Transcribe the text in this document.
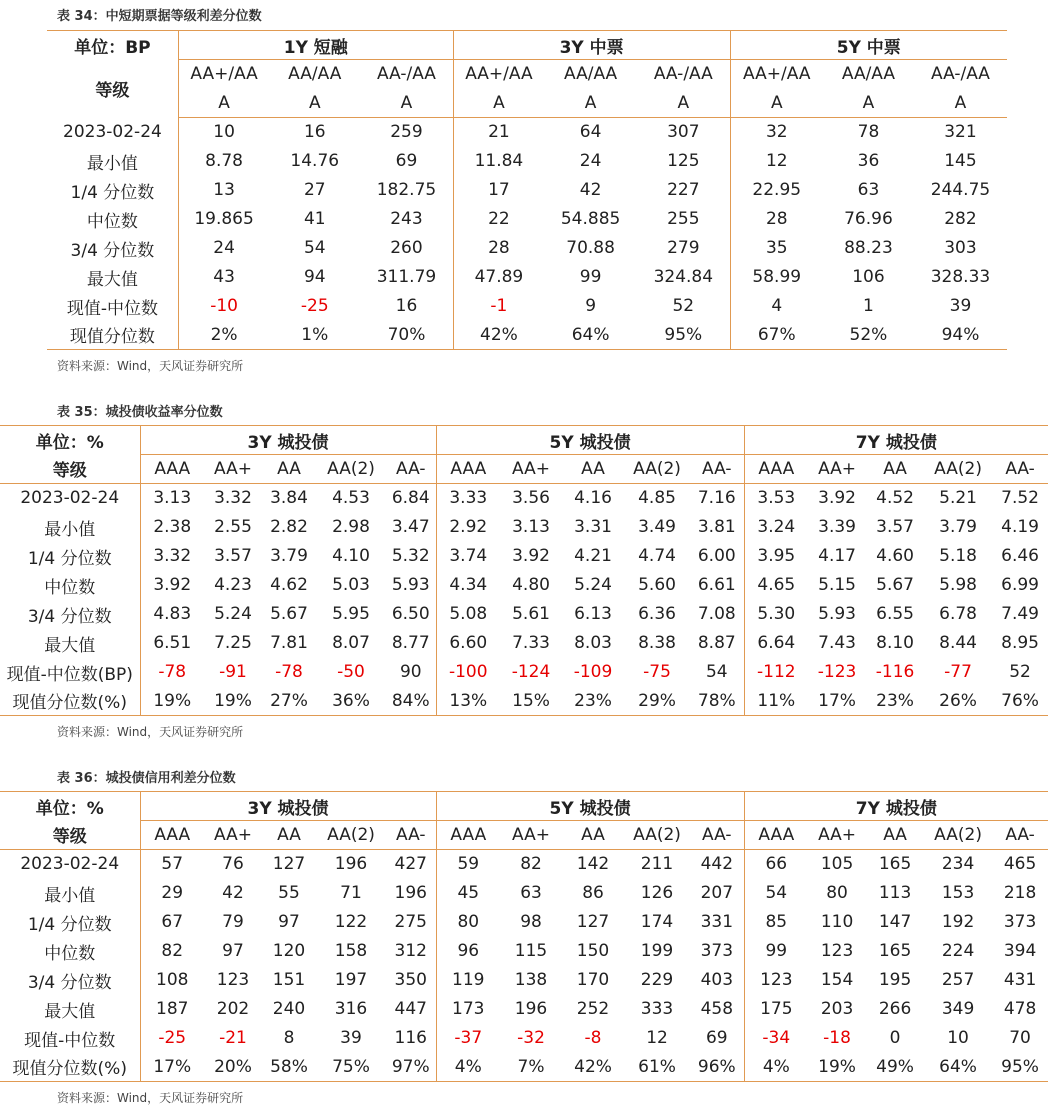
表 34：中短期票据等级利差分位数
单位：BP	1Y 短融			3Y 中票			5Y 中票		
等级	AA+/AA	AA/AA	AA-/AA	AA+/AA	AA/AA	AA-/AA	AA+/AA	AA/AA	AA-/AA
	A	A	A	A	A	A	A	A	A
2023-02-24	10	16	259	21	64	307	32	78	321
最小值	8.78	14.76	69	11.84	24	125	12	36	145
1/4 分位数	13	27	182.75	17	42	227	22.95	63	244.75
中位数	19.865	41	243	22	54.885	255	28	76.96	282
3/4 分位数	24	54	260	28	70.88	279	35	88.23	303
最大值	43	94	311.79	47.89	99	324.84	58.99	106	328.33
现值-中位数	-10	-25	16	-1	9	52	4	1	39
现值分位数	2%	1%	70%	42%	64%	95%	67%	52%	94%
资料来源：Wind，天风证券研究所
表 35：城投债收益率分位数
单位：%	3Y 城投债					5Y 城投债					7Y 城投债				
等级	AAA	AA+	AA	AA(2)	AA-	AAA	AA+	AA	AA(2)	AA-	AAA	AA+	AA	AA(2)	AA-
2023-02-24	3.13	3.32	3.84	4.53	6.84	3.33	3.56	4.16	4.85	7.16	3.53	3.92	4.52	5.21	7.52
最小值	2.38	2.55	2.82	2.98	3.47	2.92	3.13	3.31	3.49	3.81	3.24	3.39	3.57	3.79	4.19
1/4 分位数	3.32	3.57	3.79	4.10	5.32	3.74	3.92	4.21	4.74	6.00	3.95	4.17	4.60	5.18	6.46
中位数	3.92	4.23	4.62	5.03	5.93	4.34	4.80	5.24	5.60	6.61	4.65	5.15	5.67	5.98	6.99
3/4 分位数	4.83	5.24	5.67	5.95	6.50	5.08	5.61	6.13	6.36	7.08	5.30	5.93	6.55	6.78	7.49
最大值	6.51	7.25	7.81	8.07	8.77	6.60	7.33	8.03	8.38	8.87	6.64	7.43	8.10	8.44	8.95
现值-中位数(BP)	-78	-91	-78	-50	90	-100	-124	-109	-75	54	-112	-123	-116	-77	52
现值分位数(%)	19%	19%	27%	36%	84%	13%	15%	23%	29%	78%	11%	17%	23%	26%	76%
资料来源：Wind，天风证券研究所
表 36：城投债信用利差分位数
单位：%	3Y 城投债					5Y 城投债					7Y 城投债				
等级	AAA	AA+	AA	AA(2)	AA-	AAA	AA+	AA	AA(2)	AA-	AAA	AA+	AA	AA(2)	AA-
2023-02-24	57	76	127	196	427	59	82	142	211	442	66	105	165	234	465
最小值	29	42	55	71	196	45	63	86	126	207	54	80	113	153	218
1/4 分位数	67	79	97	122	275	80	98	127	174	331	85	110	147	192	373
中位数	82	97	120	158	312	96	115	150	199	373	99	123	165	224	394
3/4 分位数	108	123	151	197	350	119	138	170	229	403	123	154	195	257	431
最大值	187	202	240	316	447	173	196	252	333	458	175	203	266	349	478
现值-中位数	-25	-21	8	39	116	-37	-32	-8	12	69	-34	-18	0	10	70
现值分位数(%)	17%	20%	58%	75%	97%	4%	7%	42%	61%	96%	4%	19%	49%	64%	95%
资料来源：Wind，天风证券研究所
